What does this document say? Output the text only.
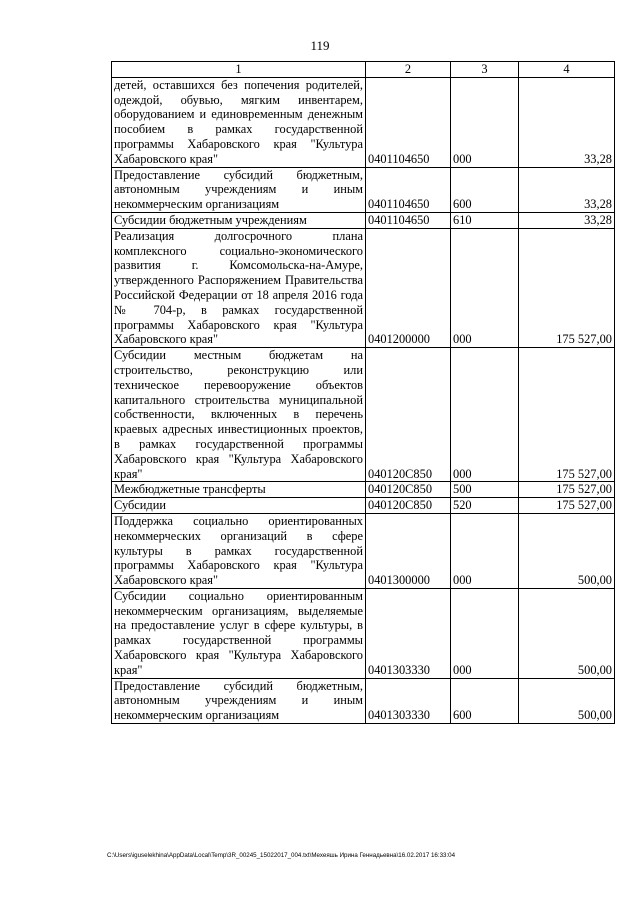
119
1	2	3	4
детей, оставшихся без попечения родителей, одеждой, обувью, мягким инвентарем, оборудованием и единовременным денежным пособием в рамках государственной программы Хабаровского края "Культура Хабаровского края"	0401104650	000	33,28
Предоставление субсидий бюджетным, автономным учреждениям и иным некоммерческим организациям	0401104650	600	33,28
Субсидии бюджетным учреждениям	0401104650	610	33,28
Реализация долгосрочного плана комплексного социально-экономического развития г. Комсомольска-на-Амуре, утвержденного Распоряжением Правительства Российской Федерации от 18 апреля 2016 года № 704-р, в рамках государственной программы Хабаровского края "Культура Хабаровского края"	0401200000	000	175 527,00
Субсидии местным бюджетам на строительство, реконструкцию или техническое перевооружение объектов капитального строительства муниципальной собственности, включенных в перечень краевых адресных инвестиционных проектов, в рамках государственной программы Хабаровского края "Культура Хабаровского края"	040120С850	000	175 527,00
Межбюджетные трансферты	040120С850	500	175 527,00
Субсидии	040120С850	520	175 527,00
Поддержка социально ориентированных некоммерческих организаций в сфере культуры в рамках государственной программы Хабаровского края "Культура Хабаровского края"	0401300000	000	500,00
Субсидии социально ориентированным некоммерческим организациям, выделяемые на предоставление услуг в сфере культуры, в рамках государственной программы Хабаровского края "Культура Хабаровского края"	0401303330	000	500,00
Предоставление субсидий бюджетным, автономным учреждениям и иным некоммерческим организациям	0401303330	600	500,00
C:\Users\iguselekhina\AppData\Local\Temp\3R_00245_15022017_004.txt\Мехеяшь Ирина Геннадьевна\16.02.2017 16:33:04
